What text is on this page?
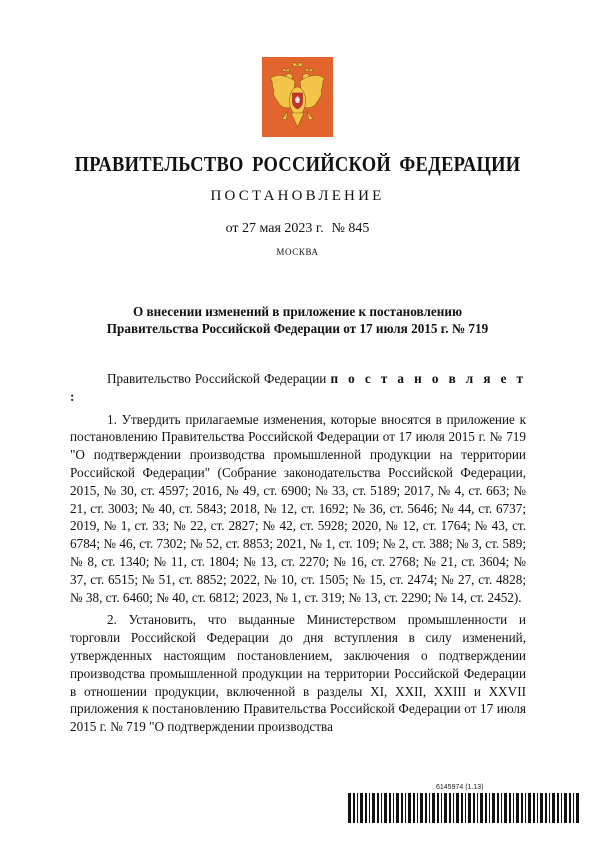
ПРАВИТЕЛЬСТВО РОССИЙСКОЙ ФЕДЕРАЦИИ
ПОСТАНОВЛЕНИЕ
от 27 мая 2023 г. № 845
МОСКВА
О внесении изменений в приложение к постановлению
Правительства Российской Федерации от 17 июля 2015 г. № 719

Правительство Российской Федерации п о с т а н о в л я е т :

1. Утвердить прилагаемые изменения, которые вносятся в приложение к постановлению Правительства Российской Федерации от 17 июля 2015 г. № 719 "О подтверждении производства промышленной продукции на территории Российской Федерации" (Собрание законодательства Российской Федерации, 2015, № 30, ст. 4597; 2016, № 49, ст. 6900; № 33, ст. 5189; 2017, № 4, ст. 663; № 21, ст. 3003; № 40, ст. 5843; 2018, № 12, ст. 1692; № 36, ст. 5646; № 44, ст. 6737; 2019, № 1, ст. 33; № 22, ст. 2827; № 42, ст. 5928; 2020, № 12, ст. 1764; № 43, ст. 6784; № 46, ст. 7302; № 52, ст. 8853; 2021, № 1, ст. 109; № 2, ст. 388; № 3, ст. 589; № 8, ст. 1340; № 11, ст. 1804; № 13, ст. 2270; № 16, ст. 2768; № 21, ст. 3604; № 37, ст. 6515; № 51, ст. 8852; 2022, № 10, ст. 1505; № 15, ст. 2474; № 27, ст. 4828; № 38, ст. 6460; № 40, ст. 6812; 2023, № 1, ст. 319; № 13, ст. 2290; № 14, ст. 2452).

2. Установить, что выданные Министерством промышленности и торговли Российской Федерации до дня вступления в силу изменений, утвержденных настоящим постановлением, заключения о подтверждении производства промышленной продукции на территории Российской Федерации в отношении продукции, включенной в разделы XI, XXII, XXIII и XXVII приложения к постановлению Правительства Российской Федерации от 17 июля 2015 г. № 719 "О подтверждении производства

6145974 (1.13)
